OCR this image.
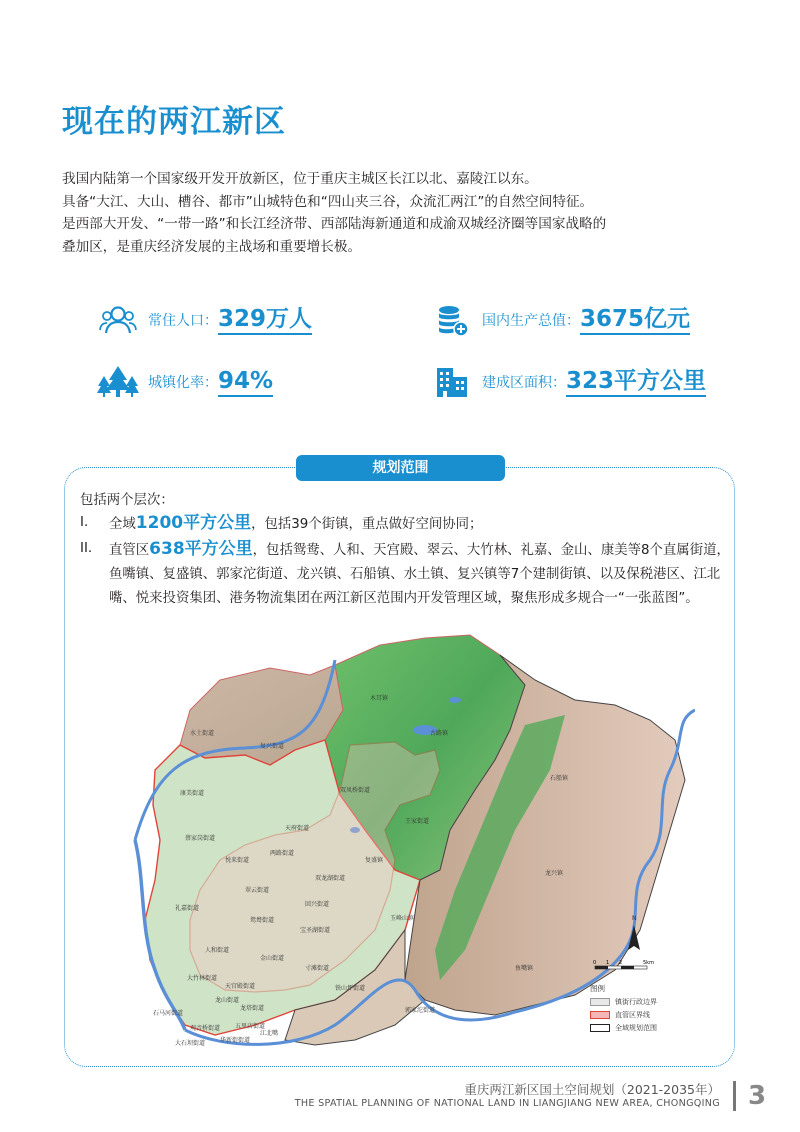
现在的两江新区

我国内陆第一个国家级开发开放新区，位于重庆主城区长江以北、嘉陵江以东。

具备“大江、大山、槽谷、都市”山城特色和“四山夹三谷，众流汇两江”的自然空间特征。

是西部大开发、“一带一路”和长江经济带、西部陆海新通道和成渝双城经济圈等国家战略的

叠加区，是重庆经济发展的主战场和重要增长极。

常住人口： 329万人	国内生产总值： 3675亿元
城镇化率： 94%	建成区面积： 323平方公里
规划范围
包括两个层次：
I. 全域1200平方公里，包括39个街镇，重点做好空间协同；
II. 直管区638平方公里，包括鸳鸯、人和、天宫殿、翠云、大竹林、礼嘉、金山、康美等8个直属街道，鱼嘴镇、复盛镇、郭家沱街道、龙兴镇、石船镇、水土镇、复兴镇等7个建制街镇、以及保税港区、江北嘴、悦来投资集团、港务物流集团在两江新区范围内开发管理区域，聚焦形成多规合一“一张蓝图”。
水土街道
复兴街道
木耳镇
古路镇
石船镇
康美街道
蔡家岗街道
双凤桥街道
王家街道
龙兴镇
天府街道
悦来街道
礼嘉街道
翠云街道
鸳鸯街道
回兴街道
两路街道
玉峰山镇
复盛镇
金山街道
人和街道
宝圣湖街道
鱼嘴镇
大竹林街道
天宫殿街道
龙山街道
龙塔街道
寸滩街道
铁山坪街道
石马河街道	郭家沱街道
大石坝街道
观音桥街道 五里店街道
华新街街道
江北嘴
双龙湖街道
N
0 1 2	5km
图例
镇街行政边界
直管区界线
全域规划范围
重庆两江新区国土空间规划（2021-2035年）
THE SPATIAL PLANNING OF NATIONAL LAND IN LIANGJIANG NEW AREA, CHONGQING 3
